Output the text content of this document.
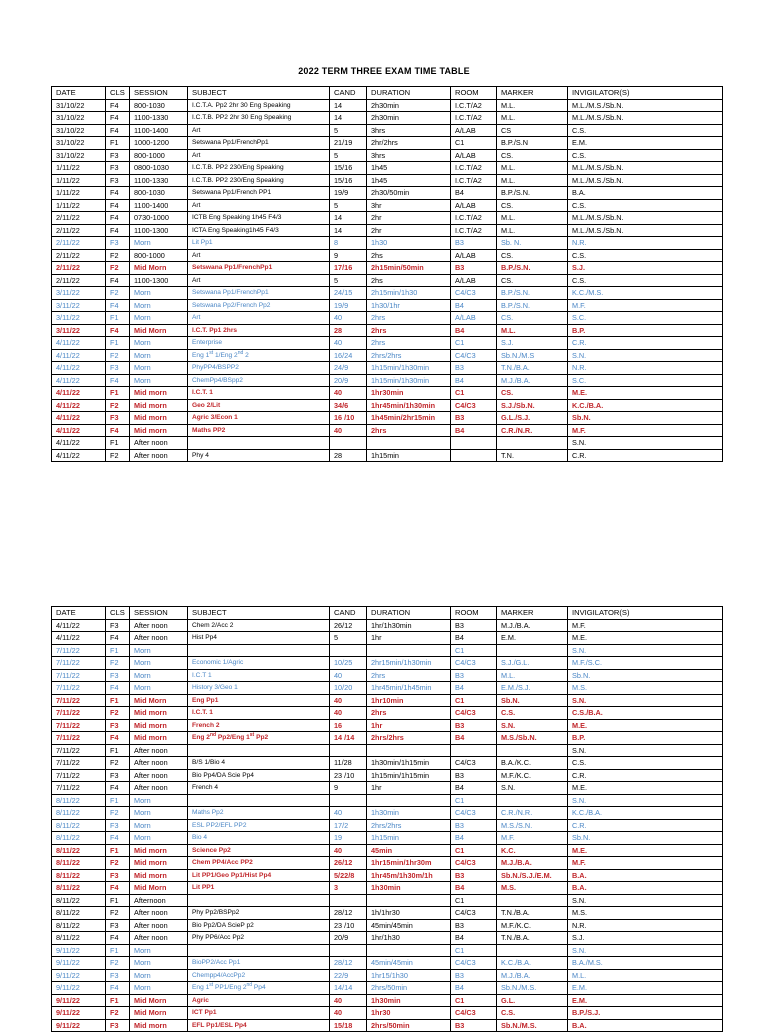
2022 TERM THREE EXAM TIME TABLE
DATE	CLS	SESSION	SUBJECT	CAND	DURATION	ROOM	MARKER	INVIGILATOR(S)
31/10/22	F4	800-1030	I.C.T.A. Pp2 2hr 30 Eng Speaking	14	2h30min	I.C.T/A2	M.L.	M.L./M.S./Sb.N.
31/10/22	F4	1100-1330	I.C.T.B. PP2 2hr 30 Eng Speaking	14	2h30min	I.C.T/A2	M.L.	M.L./M.S./Sb.N.
31/10/22	F4	1100-1400	Art	5	3hrs	A/LAB	CS	C.S.
31/10/22	F1	1000-1200	Setswana Pp1/FrenchPp1	21/19	2hr/2hrs	C1	B.P./S.N	E.M.
31/10/22	F3	800-1000	Art	5	3hrs	A/LAB	CS.	C.S.
1/11/22	F3	0800-1030	I.C.T.B. PP2 230/Eng Speaking	15/16	1h45	I.C.T/A2	M.L.	M.L./M.S./Sb.N.
1/11/22	F3	1100-1330	I.C.T.B. PP2 230/Eng Speaking	15/16	1h45	I.C.T/A2	M.L.	M.L./M.S./Sb.N.
1/11/22	F4	800-1030	Setswana Pp1/French PP1	19/9	2h30/50min	B4	B.P./S.N.	B.A.
1/11/22	F4	1100-1400	Art	5	3hr	A/LAB	CS.	C.S.
2/11/22	F4	0730-1000	ICTB Eng Speaking 1h45 F4/3	14	2hr	I.C.T/A2	M.L.	M.L./M.S./Sb.N.
2/11/22	F4	1100-1300	ICTA Eng Speaking1h45 F4/3	14	2hr	I.C.T/A2	M.L.	M.L./M.S./Sb.N.
2/11/22	F3	Morn	Lit Pp1	8	1h30	B3	Sb. N.	N.R.
2/11/22	F2	800-1000	Art	9	2hs	A/LAB	CS.	C.S.
2/11/22	F2	Mid Morn	Setswana Pp1/FrenchPp1	17/16	2h15min/50min	B3	B.P./S.N.	S.J.
2/11/22	F4	1100-1300	Art	5	2hs	A/LAB	CS.	C.S.
3/11/22	F2	Morn	Setswana Pp1/FrenchPp1	24/15	2h15min/1h30	C4/C3	B.P./S.N.	K.C./M.S.
3/11/22	F4	Morn	Setswana Pp2/French Pp2	19/9	1h30/1hr	B4	B.P./S.N.	M.F.
3/11/22	F1	Morn	Art	40	2hrs	A/LAB	CS.	S.C.
3/11/22	F4	Mid Morn	I.C.T. Pp1 2hrs	28	2hrs	B4	M.L.	B.P.
4/11/22	F1	Morn	Enterprise	40	2hrs	C1	S.J.	C.R.
4/11/22	F2	Morn	Eng 1st 1/Eng 2nd 2	16/24	2hrs/2hrs	C4/C3	Sb.N./M.S	S.N.
4/11/22	F3	Morn	PhyPP4/BSPP2	24/9	1h15min/1h30min	B3	T.N./B.A.	N.R.
4/11/22	F4	Morn	ChemPp4/BSpp2	20/9	1h15min/1h30min	B4	M.J./B.A.	S.C.
4/11/22	F1	Mid morn	I.C.T. 1	40	1hr30min	C1	CS.	M.E.
4/11/22	F2	Mid morn	Geo 2/Lit	34/6	1hr45min/1h30min	C4/C3	S.J./Sb.N.	K.C./B.A.
4/11/22	F3	Mid morn	Agric 3/Econ 1	16 /10	1h45min/2hr15min	B3	G.L./S.J.	Sb.N.
4/11/22	F4	Mid morn	Maths PP2	40	2hrs	B4	C.R./N.R.	M.F.
4/11/22	F1	After noon						S.N.
4/11/22	F2	After noon	Phy 4	28	1h15min		T.N.	C.R.
DATE	CLS	SESSION	SUBJECT	CAND	DURATION	ROOM	MARKER	INVIGILATOR(S)
4/11/22	F3	After noon	Chem 2/Acc 2	26/12	1hr/1h30min	B3	M.J./B.A.	M.F.
4/11/22	F4	After noon	Hist Pp4	5	1hr	B4	E.M.	M.E.
7/11/22	F1	Morn				C1		S.N.
7/11/22	F2	Morn	Economic 1/Agric	10/25	2hr15min/1h30min	C4/C3	S.J./G.L.	M.F./S.C.
7/11/22	F3	Morn	I.C.T 1	40	2hrs	B3	M.L.	Sb.N.
7/11/22	F4	Morn	History 3/Geo 1	10/20	1hr45min/1h45min	B4	E.M./S.J.	M.S.
7/11/22	F1	Mid Morn	Eng Pp1	40	1hr10min	C1	Sb.N.	S.N.
7/11/22	F2	Mid morn	I.C.T. 1	40	2hrs	C4/C3	C.S.	C.S./B.A.
7/11/22	F3	Mid morn	French 2	16	1hr	B3	S.N.	M.E.
7/11/22	F4	Mid morn	Eng 2nd Pp2/Eng 1st Pp2	14 /14	2hrs/2hrs	B4	M.S./Sb.N.	B.P.
7/11/22	F1	After noon						S.N.
7/11/22	F2	After noon	B/S 1/Bio 4	11/28	1h30min/1h15min	C4/C3	B.A./K.C.	C.S.
7/11/22	F3	After noon	Bio Pp4/DA Scie Pp4	23 /10	1h15min/1h15min	B3	M.F./K.C.	C.R.
7/11/22	F4	After noon	French 4	9	1hr	B4	S.N.	M.E.
8/11/22	F1	Morn				C1		S.N.
8/11/22	F2	Morn	Maths Pp2	40	1h30min	C4/C3	C.R./N.R.	K.C./B.A.
8/11/22	F3	Morn	ESL PP2/EFL PP2	17/2	2hrs/2hrs	B3	M.S./S.N.	C.R.
8/11/22	F4	Morn	Bio 4	19	1h15min	B4	M.F.	Sb.N.
8/11/22	F1	Mid morn	Science Pp2	40	45min	C1	K.C.	M.E.
8/11/22	F2	Mid morn	Chem PP4/Acc PP2	26/12	1hr15min/1hr30m	C4/C3	M.J./B.A.	M.F.
8/11/22	F3	Mid morn	Lit PP1/Geo Pp1/Hist Pp4	5/22/8	1hr45m/1h30m/1h	B3	Sb.N./S.J./E.M.	B.A.
8/11/22	F4	Mid Morn	Lit PP1	3	1h30min	B4	M.S.	B.A.
8/11/22	F1	Afternoon				C1		S.N.
8/11/22	F2	After noon	Phy Pp2/BSPp2	28/12	1h/1hr30	C4/C3	T.N./B.A.	M.S.
8/11/22	F3	After noon	Bio Pp2/DA ScieP p2	23 /10	45min/45min	B3	M.F./K.C.	N.R.
8/11/22	F4	After noon	Phy PP6/Acc Pp2	20/9	1hr/1h30	B4	T.N./B.A.	S.J.
9/11/22	F1	Morn				C1		S.N.
9/11/22	F2	Morn	BioPP2/Acc Pp1	28/12	45min/45min	C4/C3	K.C./B.A.	B.A./M.S.
9/11/22	F3	Morn	Chempp4/AccPp2	22/9	1hr15/1h30	B3	M.J./B.A.	M.L.
9/11/22	F4	Morn	Eng 1st PP1/Eng 2nd Pp4	14/14	2hrs/50min	B4	Sb.N./M.S.	E.M.
9/11/22	F1	Mid Morn	Agric	40	1h30min	C1	G.L.	E.M.
9/11/22	F2	Mid Morn	ICT Pp1	40	1hr30	C4/C3	C.S.	B.P./S.J.
9/11/22	F3	Mid morn	EFL Pp1/ESL Pp4	15/18	2hrs/50min	B3	Sb.N./M.S.	B.A.
